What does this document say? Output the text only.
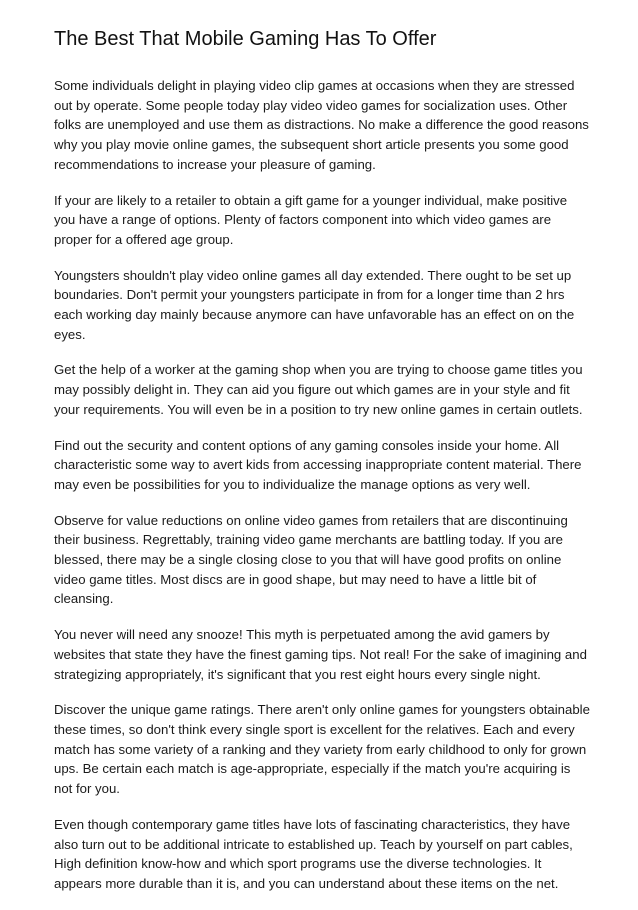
The Best That Mobile Gaming Has To Offer

Some individuals delight in playing video clip games at occasions when they are stressed out by operate. Some people today play video video games for socialization uses. Other folks are unemployed and use them as distractions. No make a difference the good reasons why you play movie online games, the subsequent short article presents you some good recommendations to increase your pleasure of gaming.

If your are likely to a retailer to obtain a gift game for a younger individual, make positive you have a range of options. Plenty of factors component into which video games are proper for a offered age group.

Youngsters shouldn't play video online games all day extended. There ought to be set up boundaries. Don't permit your youngsters participate in from for a longer time than 2 hrs each working day mainly because anymore can have unfavorable has an effect on on the eyes.

Get the help of a worker at the gaming shop when you are trying to choose game titles you may possibly delight in. They can aid you figure out which games are in your style and fit your requirements. You will even be in a position to try new online games in certain outlets.

Find out the security and content options of any gaming consoles inside your home. All characteristic some way to avert kids from accessing inappropriate content material. There may even be possibilities for you to individualize the manage options as very well.

Observe for value reductions on online video games from retailers that are discontinuing their business. Regrettably, training video game merchants are battling today. If you are blessed, there may be a single closing close to you that will have good profits on online video game titles. Most discs are in good shape, but may need to have a little bit of cleansing.

You never will need any snooze! This myth is perpetuated among the avid gamers by websites that state they have the finest gaming tips. Not real! For the sake of imagining and strategizing appropriately, it's significant that you rest eight hours every single night.

Discover the unique game ratings. There aren't only online games for youngsters obtainable these times, so don't think every single sport is excellent for the relatives. Each and every match has some variety of a ranking and they variety from early childhood to only for grown ups. Be certain each match is age-appropriate, especially if the match you're acquiring is not for you.

Even though contemporary game titles have lots of fascinating characteristics, they have also turn out to be additional intricate to established up. Teach by yourself on part cables, High definition know-how and which sport programs use the diverse technologies. It appears more durable than it is, and you can understand about these items on the net.
